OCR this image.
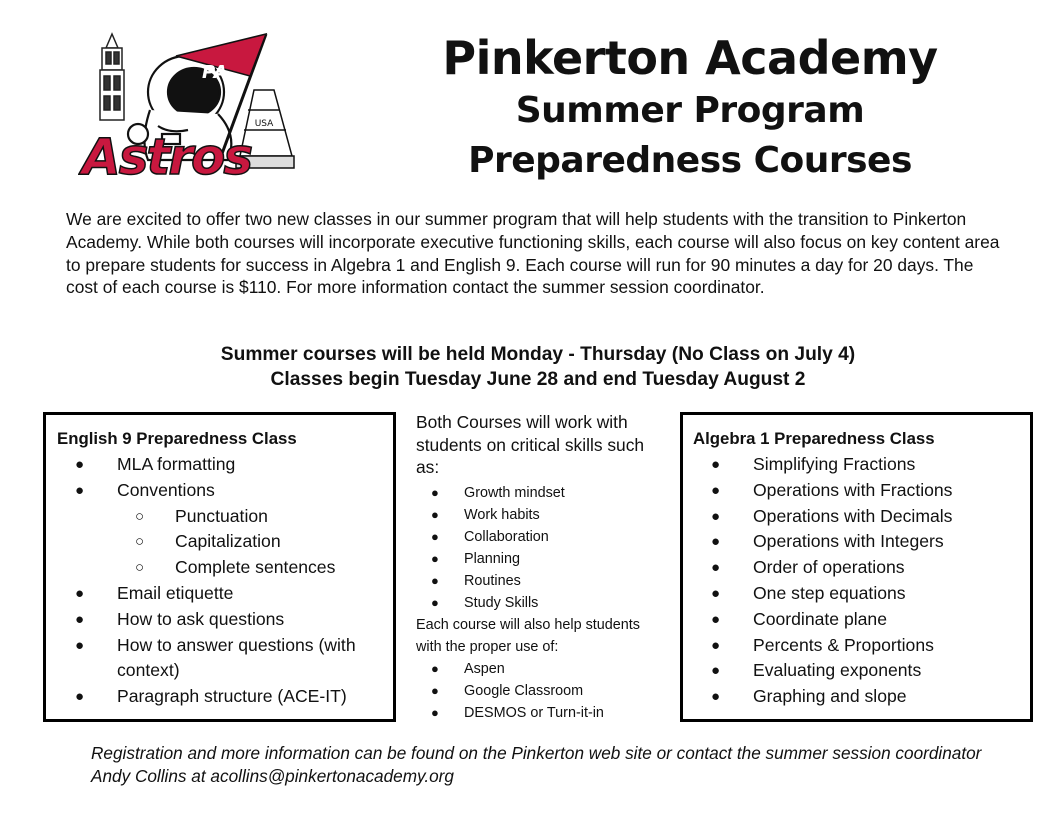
PA
USA
Astros
Pinkerton Academy
Summer Program
Preparedness Courses
We are excited to offer two new classes in our summer program that will help students with the transition to Pinkerton Academy. While both courses will incorporate executive functioning skills, each course will also focus on key content area to prepare students for success in Algebra 1 and English 9. Each course will run for 90 minutes a day for 20 days. The cost of each course is $110. For more information contact the summer session coordinator.
Summer courses will be held Monday - Thursday (No Class on July 4)
Classes begin Tuesday June 28 and end Tuesday August 2
English 9 Preparedness Class
● MLA formatting
● Conventions
○ Punctuation
○ Capitalization
○ Complete sentences
● Email etiquette
● How to ask questions
● How to answer questions (with context)
● Paragraph structure (ACE-IT)
Both Courses will work with students on critical skills such as:
● Growth mindset
● Work habits
● Collaboration
● Planning
● Routines
● Study Skills
Each course will also help students with the proper use of:
● Aspen
● Google Classroom
● DESMOS or Turn-it-in
Algebra 1 Preparedness Class
● Simplifying Fractions
● Operations with Fractions
● Operations with Decimals
● Operations with Integers
● Order of operations
● One step equations
● Coordinate plane
● Percents & Proportions
● Evaluating exponents
● Graphing and slope
Registration and more information can be found on the Pinkerton web site or contact the summer session coordinator Andy Collins at acollins@pinkertonacademy.org
